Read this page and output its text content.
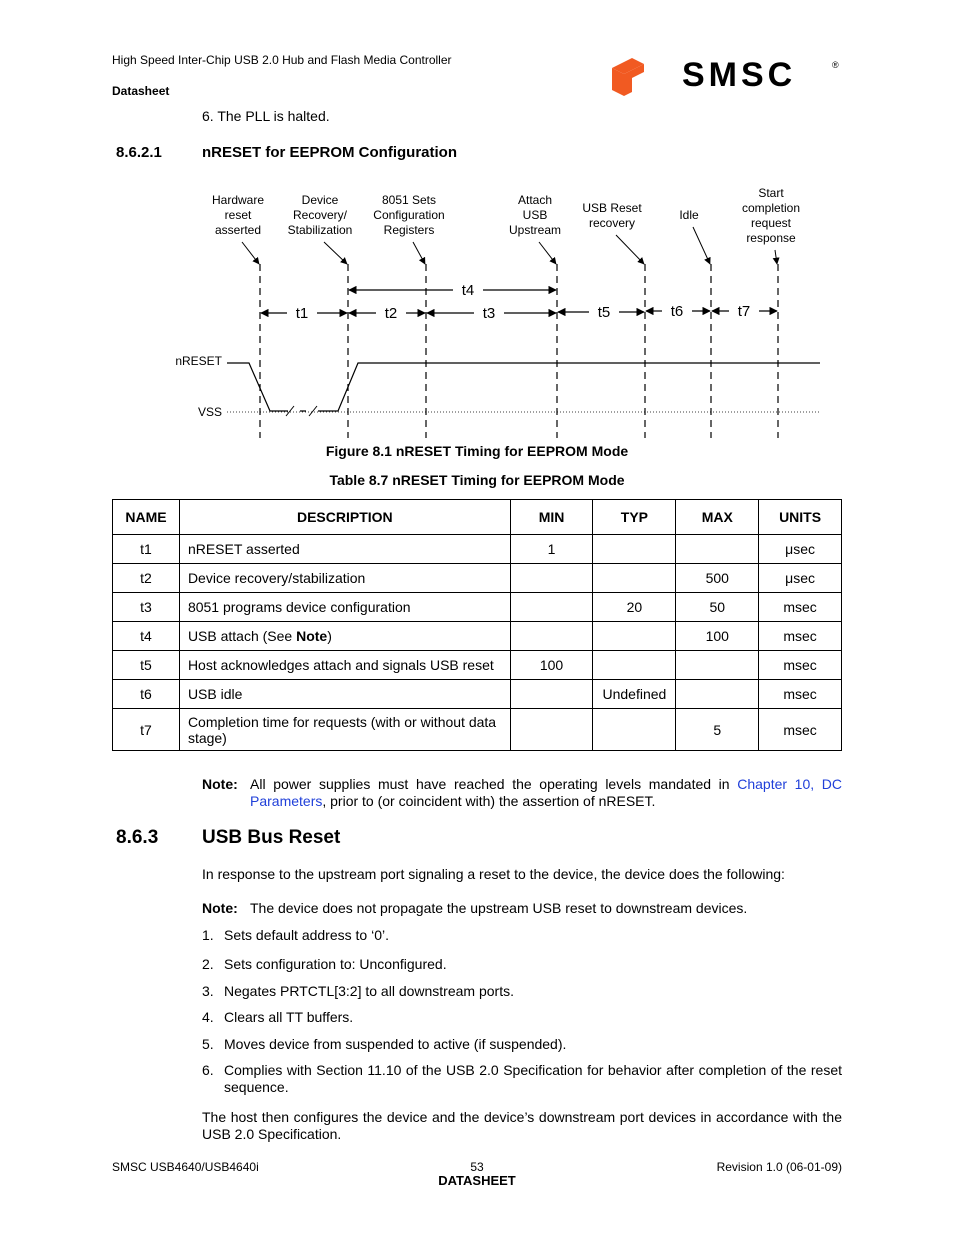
High Speed Inter-Chip USB 2.0 Hub and Flash Media Controller
Datasheet	SMSC	®
6. The PLL is halted.
8.6.2.1	nRESET for EEPROM Configuration
Hardware
reset
asserted
Device
Recovery/
Stabilization
8051 Sets
Configuration
Registers
Attach
USB
Upstream
USB Reset
recovery
Idle
Start
completion
request
response
t1	t2	t3
t4
t5	t6	t7
nRESET
VSS
Figure 8.1 nRESET Timing for EEPROM Mode
Table 8.7 nRESET Timing for EEPROM Mode
NAME	DESCRIPTION	MIN	TYP	MAX	UNITS
t1	nRESET asserted	1			μsec
t2	Device recovery/stabilization			500	μsec
t3	8051 programs device configuration		20	50	msec
t4	USB attach (See Note)			100	msec
t5	Host acknowledges attach and signals USB reset	100			msec
t6	USB idle		Undefined		msec
t7	Completion time for requests (with or without data stage)			5	msec
Note: All power supplies must have reached the operating levels mandated in Chapter 10, DC Parameters, prior to (or coincident with) the assertion of nRESET.
8.6.3 USB Bus Reset
In response to the upstream port signaling a reset to the device, the device does the following:
Note: The device does not propagate the upstream USB reset to downstream devices.
1. Sets default address to ‘0’.
2. Sets configuration to: Unconfigured.
3. Negates PRTCTL[3:2] to all downstream ports.
4. Clears all TT buffers.
5. Moves device from suspended to active (if suspended).
6. Complies with Section 11.10 of the USB 2.0 Specification for behavior after completion of the reset sequence.
The host then configures the device and the device’s downstream port devices in accordance with the USB 2.0 Specification.
SMSC USB4640/USB4640i	53
DATASHEET
Revision 1.0 (06-01-09)
